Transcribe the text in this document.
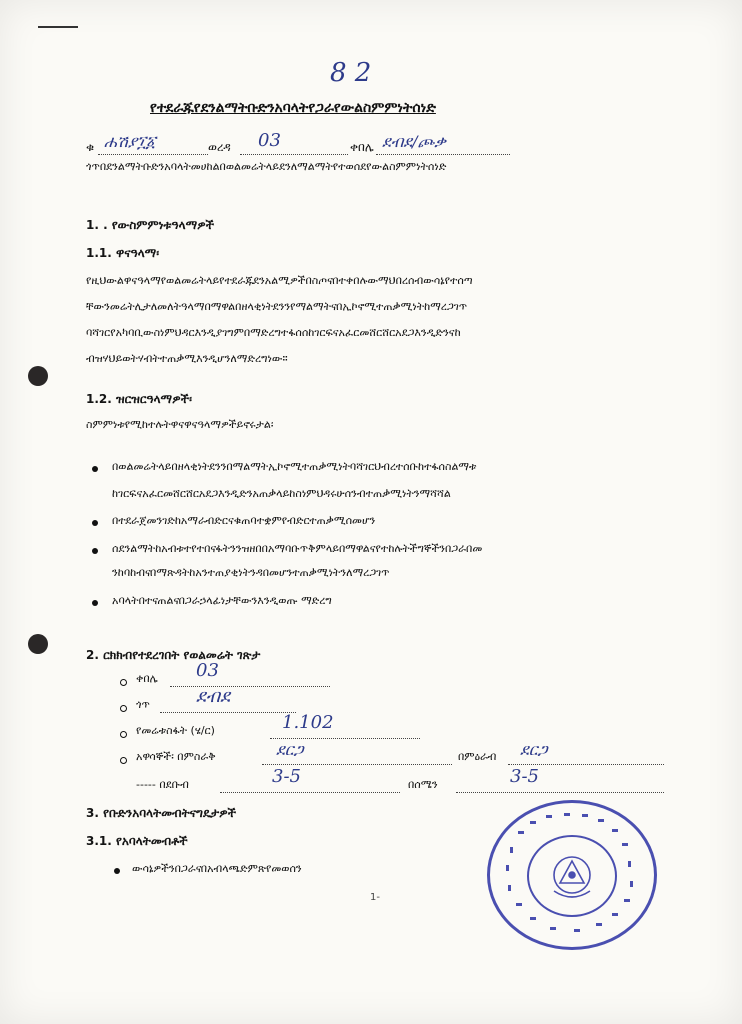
8 2
የተደራጁየደንልማትቡድንአባላትየጋራየውልስምምነትሰነድ
ቁ ሐሽያ፲፩	ወረዳ 03	ቀበሌ ደብደ/ጮቃ
ጎጥበደንልማትቡድንአባላትመሀከልበወልመሬትላይደንለማልማትየተወሰደየውልስምምነትሰነድ
1. . የውስምምነቱዓላማዎች
1.1. ዋናዓላማ፡
የዚህውልዋናዓላማየወልመሬትላይየተደራጁደንአልሚዎችበስጦናበተቀበሉውማህበረሰብውሳኔየተሰጣ
ቸውንመሬትሊታለመለትዓላማበማዋልበዘላቂነትደንንየማልማትናበኢኮኖሚተጠቃሚነትከማረጋገጥ
ባሻገርየአካባቢውስነምህዳርእንዲያገግምበማድረግተፋሰሰከገርፍናአፈርመሸርሸርአደጋእንዲድንናከ
ብዝሃህይወትሃብትተጠቃሚእንዲሆንለማድረግነው።
1.2. ዝርዝርዓላማዎች፡
ስምምነቱየሚከተሉትዋናዋናዓላማዎችይኖሩታል፡
በወልመሬትላይበዘላቂነትደንንበማልማትኢኮኖሚተጠቃሚነትባሻገርህብረተሰቡከተፋሰስልማቱ
ከገርፍናአፈርመሸርሸርአደጋእንዲድንአጠቃላይከስነምህዳሩሁሰንብተጠቃሚነትንማሻሻል
በተደራጀመንገድከአማራብድርናቁጠባተቋምየብድርተጠቃሚሰመሆን
ሰደንልማትከአብቱተየተበናፋትንንዝዘበበአማባቡጥቅምላይበማዋልናየተከሉትችግኞችንበጋራበመ
ንከባከብናበማጽዳትከአንተጠያቂነትንዳበመሆንተጠቃሚነትንለማረጋገጥ
አባላትበተናጠልናበጋራኃላፊነታቸውንእንዲወጡ ማድረግ
2. ርክክብየተደረገበት የወልመሬት ገጽታ
ቀበሌ 03
ጎጥ	ደብደ
የመሬቱስፋት (ሄ/ር)	1.102
አዋሳኞች፡ በምስራቅ	ደርጋ	በምዕራብ ደርጋ
----- በደቡብ	3-5	በሰሜን	3-5
3. የቡድንአባላትመብትናግዴታዎች
3.1. የአባላትመብቶች
ውሳኔዎችንበጋራናበአብላጫድምጽየመወሰን
1-
